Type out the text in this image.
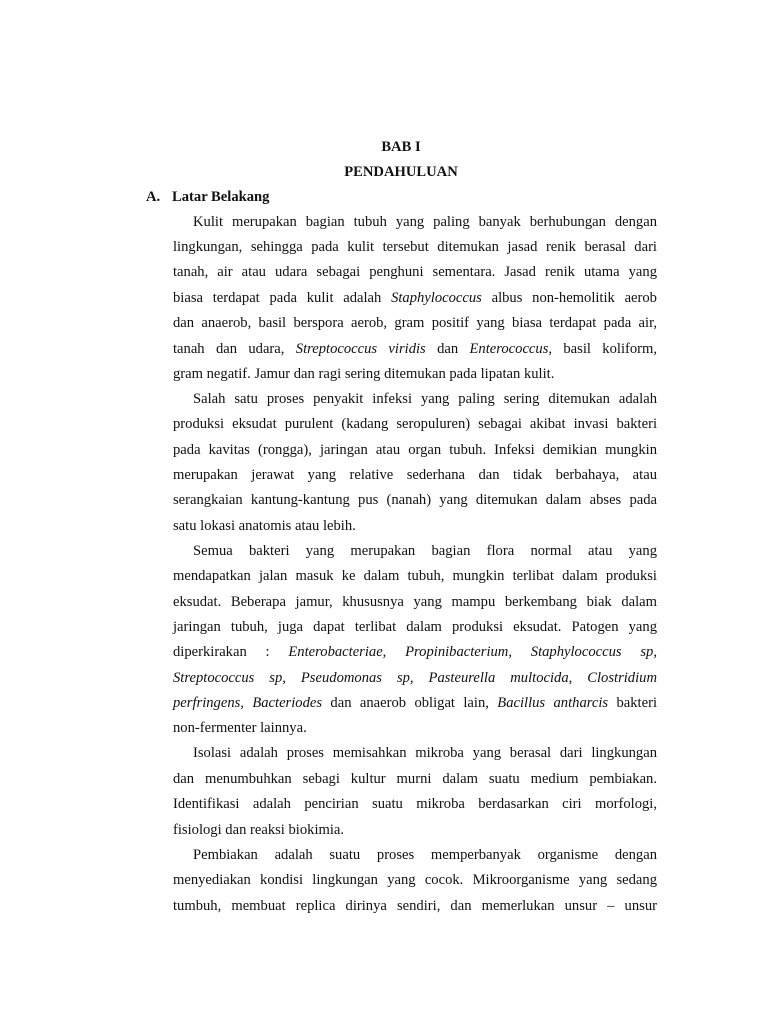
BAB I
PENDAHULUAN
A. Latar Belakang
Kulit merupakan bagian tubuh yang paling banyak berhubungan dengan
lingkungan, sehingga pada kulit tersebut ditemukan jasad renik berasal dari
tanah, air atau udara sebagai penghuni sementara. Jasad renik utama yang
biasa terdapat pada kulit adalah Staphylococcus albus non-hemolitik aerob
dan anaerob, basil berspora aerob, gram positif yang biasa terdapat pada air,
tanah dan udara, Streptococcus viridis dan Enterococcus, basil koliform,
gram negatif. Jamur dan ragi sering ditemukan pada lipatan kulit.
Salah satu proses penyakit infeksi yang paling sering ditemukan adalah
produksi eksudat purulent (kadang seropuluren) sebagai akibat invasi bakteri
pada kavitas (rongga), jaringan atau organ tubuh. Infeksi demikian mungkin
merupakan jerawat yang relative sederhana dan tidak berbahaya, atau
serangkaian kantung-kantung pus (nanah) yang ditemukan dalam abses pada
satu lokasi anatomis atau lebih.
Semua bakteri yang merupakan bagian flora normal atau yang
mendapatkan jalan masuk ke dalam tubuh, mungkin terlibat dalam produksi
eksudat. Beberapa jamur, khususnya yang mampu berkembang biak dalam
jaringan tubuh, juga dapat terlibat dalam produksi eksudat. Patogen yang
diperkirakan : Enterobacteriae, Propinibacterium, Staphylococcus sp,
Streptococcus sp, Pseudomonas sp, Pasteurella multocida, Clostridium
perfringens, Bacteriodes dan anaerob obligat lain, Bacillus antharcis bakteri
non-fermenter lainnya.
Isolasi adalah proses memisahkan mikroba yang berasal dari lingkungan
dan menumbuhkan sebagi kultur murni dalam suatu medium pembiakan.
Identifikasi adalah pencirian suatu mikroba berdasarkan ciri morfologi,
fisiologi dan reaksi biokimia.
Pembiakan adalah suatu proses memperbanyak organisme dengan
menyediakan kondisi lingkungan yang cocok. Mikroorganisme yang sedang
tumbuh, membuat replica dirinya sendiri, dan memerlukan unsur – unsur
